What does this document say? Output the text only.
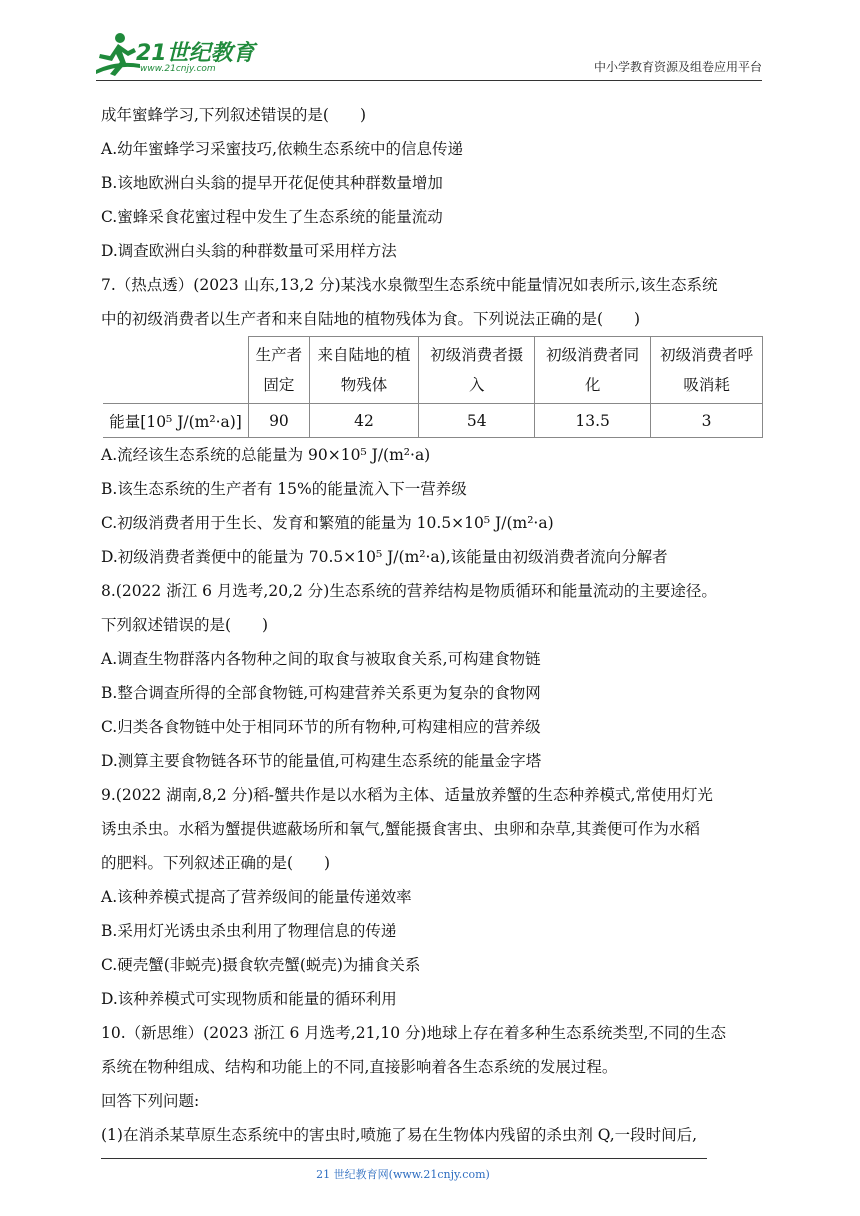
21世纪教育
www.21cnjy.com	中小学教育资源及组卷应用平台
成年蜜蜂学习,下列叙述错误的是(　　)
A.幼年蜜蜂学习采蜜技巧,依赖生态系统中的信息传递
B.该地欧洲白头翁的提早开花促使其种群数量增加
C.蜜蜂采食花蜜过程中发生了生态系统的能量流动
D.调查欧洲白头翁的种群数量可采用样方法
7.（热点透）(2023 山东,13,2 分)某浅水泉微型生态系统中能量情况如表所示,该生态系统
中的初级消费者以生产者和来自陆地的植物残体为食。下列说法正确的是(　　)
	生产者固定	来自陆地的植物残体	初级消费者摄入	初级消费者同化	初级消费者呼吸消耗
能量[10⁵ J/(m²·a)]	90	42	54	13.5	3
A.流经该生态系统的总能量为 90×10⁵ J/(m²·a)
B.该生态系统的生产者有 15%的能量流入下一营养级
C.初级消费者用于生长、发育和繁殖的能量为 10.5×10⁵ J/(m²·a)
D.初级消费者粪便中的能量为 70.5×10⁵ J/(m²·a),该能量由初级消费者流向分解者
8.(2022 浙江 6 月选考,20,2 分)生态系统的营养结构是物质循环和能量流动的主要途径。
下列叙述错误的是(　　)
A.调查生物群落内各物种之间的取食与被取食关系,可构建食物链
B.整合调查所得的全部食物链,可构建营养关系更为复杂的食物网
C.归类各食物链中处于相同环节的所有物种,可构建相应的营养级
D.测算主要食物链各环节的能量值,可构建生态系统的能量金字塔
9.(2022 湖南,8,2 分)稻-蟹共作是以水稻为主体、适量放养蟹的生态种养模式,常使用灯光
诱虫杀虫。水稻为蟹提供遮蔽场所和氧气,蟹能摄食害虫、虫卵和杂草,其粪便可作为水稻
的肥料。下列叙述正确的是(　　)
A.该种养模式提高了营养级间的能量传递效率
B.采用灯光诱虫杀虫利用了物理信息的传递
C.硬壳蟹(非蜕壳)摄食软壳蟹(蜕壳)为捕食关系
D.该种养模式可实现物质和能量的循环利用
10.（新思维）(2023 浙江 6 月选考,21,10 分)地球上存在着多种生态系统类型,不同的生态
系统在物种组成、结构和功能上的不同,直接影响着各生态系统的发展过程。
回答下列问题:
(1)在消杀某草原生态系统中的害虫时,喷施了易在生物体内残留的杀虫剂 Q,一段时间后,
21 世纪教育网(www.21cnjy.com)
